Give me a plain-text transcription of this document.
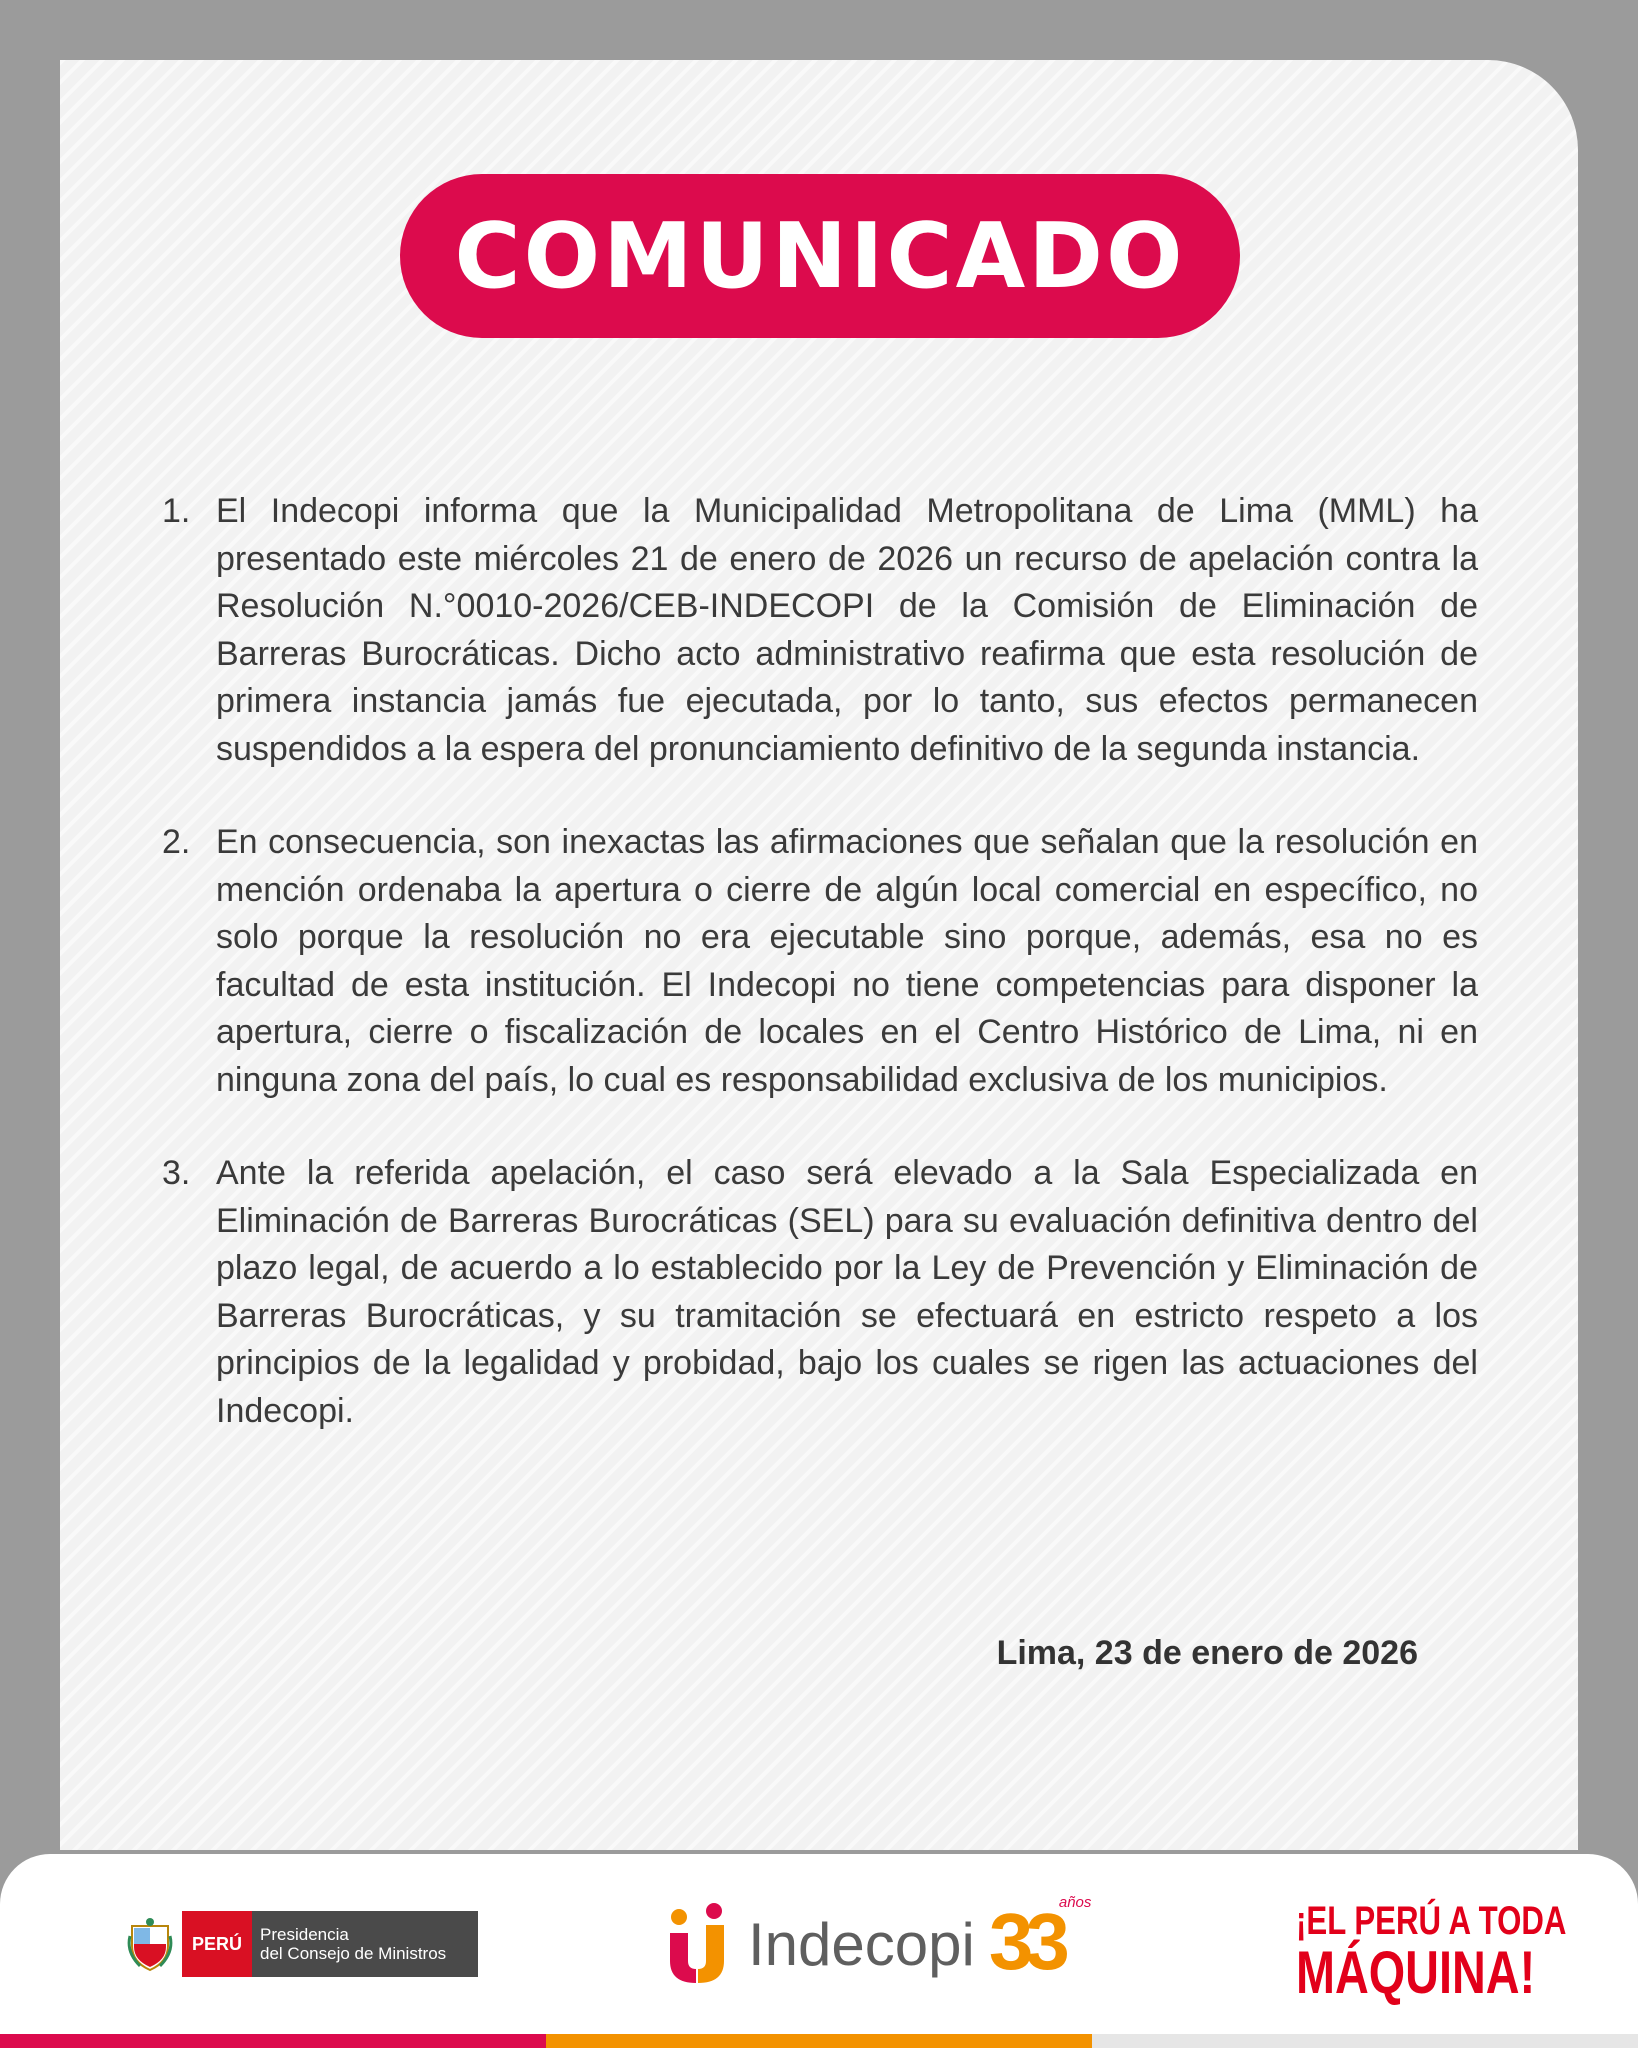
COMUNICADO
1. El Indecopi informa que la Municipalidad Metropolitana de Lima (MML) ha presentado este miércoles 21 de enero de 2026 un recurso de apelación contra la Resolución N.°0010-2026/CEB-INDECOPI de la Comisión de Eliminación de Barreras Burocráticas. Dicho acto administrativo reafirma que esta resolución de primera instancia jamás fue ejecutada, por lo tanto, sus efectos permanecen suspendidos a la espera del pronunciamiento definitivo de la segunda instancia.
2. En consecuencia, son inexactas las afirmaciones que señalan que la resolución en mención ordenaba la apertura o cierre de algún local comercial en específico, no solo porque la resolución no era ejecutable sino porque, además, esa no es facultad de esta institución. El Indecopi no tiene competencias para disponer la apertura, cierre o fiscalización de locales en el Centro Histórico de Lima, ni en ninguna zona del país, lo cual es responsabilidad exclusiva de los municipios.
3. Ante la referida apelación, el caso será elevado a la Sala Especializada en Eliminación de Barreras Burocráticas (SEL) para su evaluación definitiva dentro del plazo legal, de acuerdo a lo establecido por la Ley de Prevención y Eliminación de Barreras Burocráticas, y su tramitación se efectuará en estricto respeto a los principios de la legalidad y probidad, bajo los cuales se rigen las actuaciones del Indecopi.
Lima, 23 de enero de 2026
PERÚ	Presidencia
del Consejo de Ministros	Indecopi 33
años	¡EL PERÚ A TODA
MÁQUINA!
